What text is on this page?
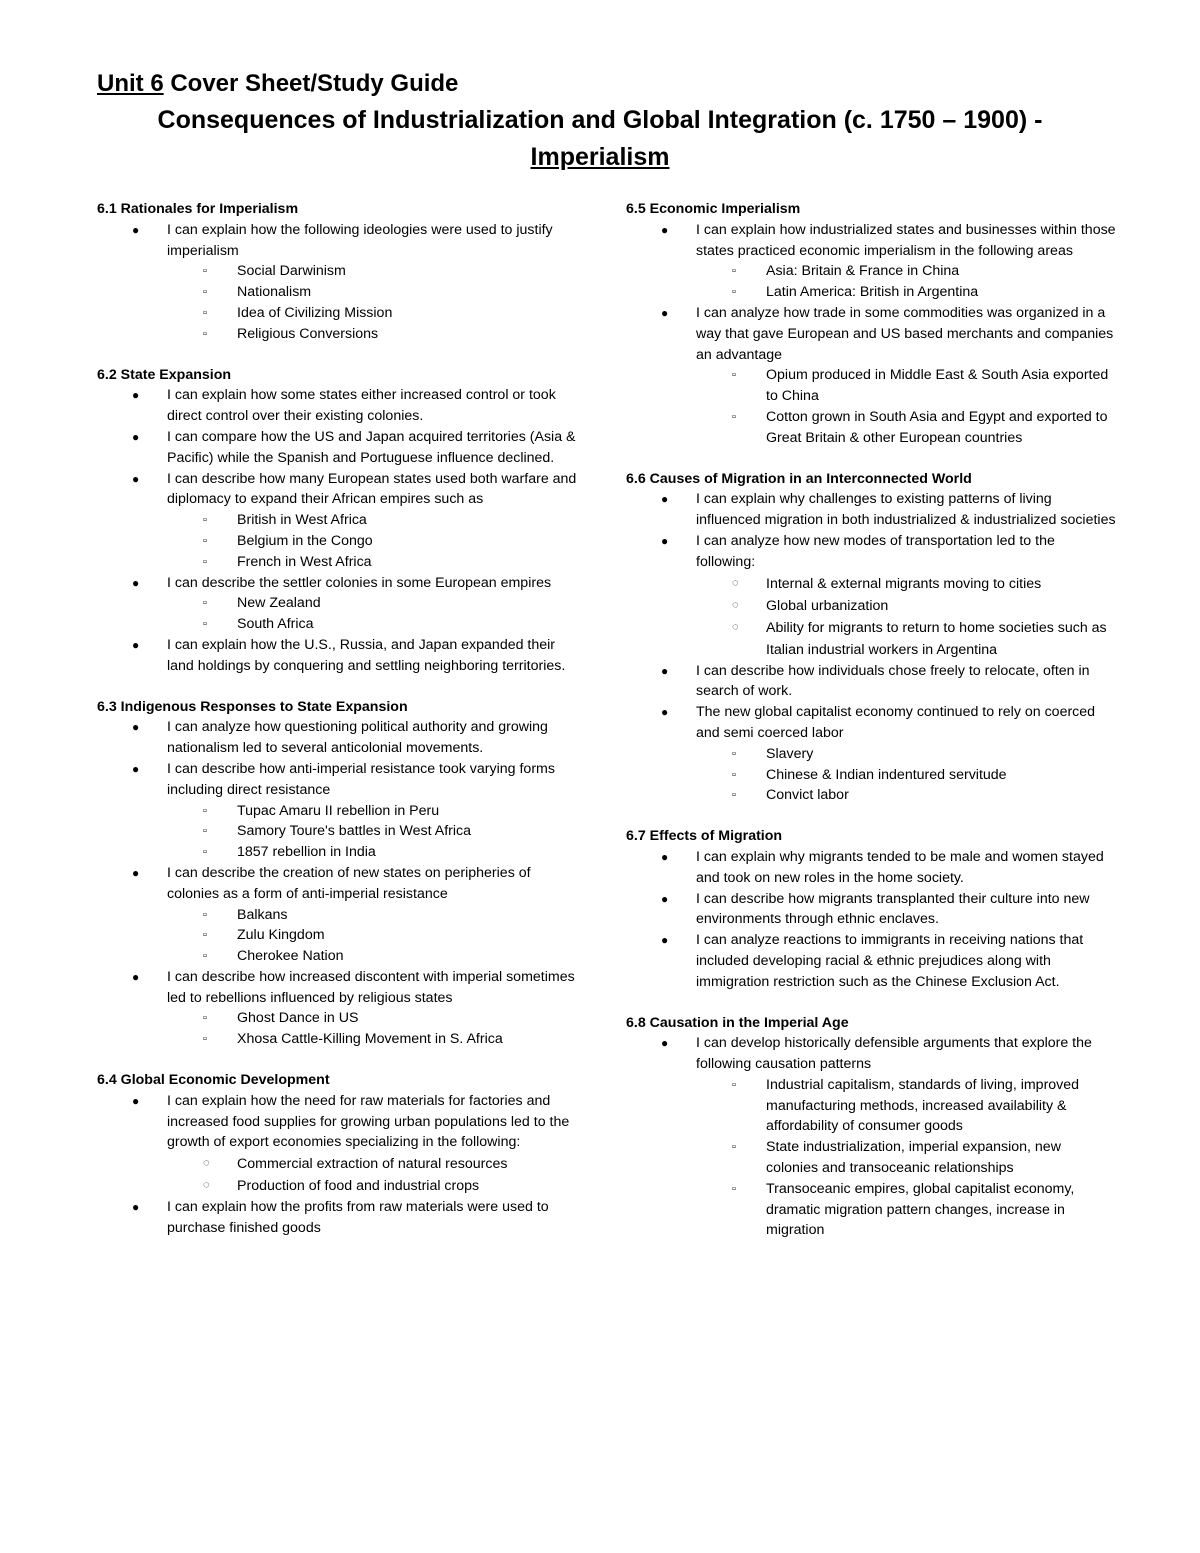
Unit 6 Cover Sheet/Study Guide
Consequences of Industrialization and Global Integration (c. 1750 – 1900) -
Imperialism

6.1 Rationales for Imperialism

● I can explain how the following ideologies were used to justify imperialism
▫ Social Darwinism
▫ Nationalism
▫ Idea of Civilizing Mission
▫ Religious Conversions

6.2 State Expansion

● I can explain how some states either increased control or took direct control over their existing colonies.
● I can compare how the US and Japan acquired territories (Asia & Pacific) while the Spanish and Portuguese influence declined.
● I can describe how many European states used both warfare and diplomacy to expand their African empires such as
▫ British in West Africa
▫ Belgium in the Congo
▫ French in West Africa
● I can describe the settler colonies in some European empires
▫ New Zealand
▫ South Africa
● I can explain how the U.S., Russia, and Japan expanded their land holdings by conquering and settling neighboring territories.

6.3 Indigenous Responses to State Expansion

● I can analyze how questioning political authority and growing nationalism led to several anticolonial movements.
● I can describe how anti-imperial resistance took varying forms including direct resistance
▫ Tupac Amaru II rebellion in Peru
▫ Samory Toure's battles in West Africa
▫ 1857 rebellion in India
● I can describe the creation of new states on peripheries of colonies as a form of anti-imperial resistance
▫ Balkans
▫ Zulu Kingdom
▫ Cherokee Nation
● I can describe how increased discontent with imperial sometimes led to rebellions influenced by religious states
▫ Ghost Dance in US
▫ Xhosa Cattle-Killing Movement in S. Africa

6.4 Global Economic Development

● I can explain how the need for raw materials for factories and increased food supplies for growing urban populations led to the growth of export economies specializing in the following:
◌ Commercial extraction of natural resources
◌ Production of food and industrial crops
● I can explain how the profits from raw materials were used to purchase finished goods

6.5 Economic Imperialism

● I can explain how industrialized states and businesses within those states practiced economic imperialism in the following areas
▫ Asia: Britain & France in China
▫ Latin America: British in Argentina
● I can analyze how trade in some commodities was organized in a way that gave European and US based merchants and companies an advantage
▫ Opium produced in Middle East & South Asia exported to China
▫ Cotton grown in South Asia and Egypt and exported to Great Britain & other European countries

6.6 Causes of Migration in an Interconnected World

● I can explain why challenges to existing patterns of living influenced migration in both industrialized & industrialized societies
● I can analyze how new modes of transportation led to the following:
◌ Internal & external migrants moving to cities
◌ Global urbanization
◌ Ability for migrants to return to home societies such as Italian industrial workers in Argentina
● I can describe how individuals chose freely to relocate, often in search of work.
● The new global capitalist economy continued to rely on coerced and semi coerced labor
▫ Slavery
▫ Chinese & Indian indentured servitude
▫ Convict labor

6.7 Effects of Migration

● I can explain why migrants tended to be male and women stayed and took on new roles in the home society.
● I can describe how migrants transplanted their culture into new environments through ethnic enclaves.
● I can analyze reactions to immigrants in receiving nations that included developing racial & ethnic prejudices along with immigration restriction such as the Chinese Exclusion Act.

6.8 Causation in the Imperial Age

● I can develop historically defensible arguments that explore the following causation patterns
▫ Industrial capitalism, standards of living, improved manufacturing methods, increased availability & affordability of consumer goods
▫ State industrialization, imperial expansion, new colonies and transoceanic relationships
▫ Transoceanic empires, global capitalist economy, dramatic migration pattern changes, increase in migration
